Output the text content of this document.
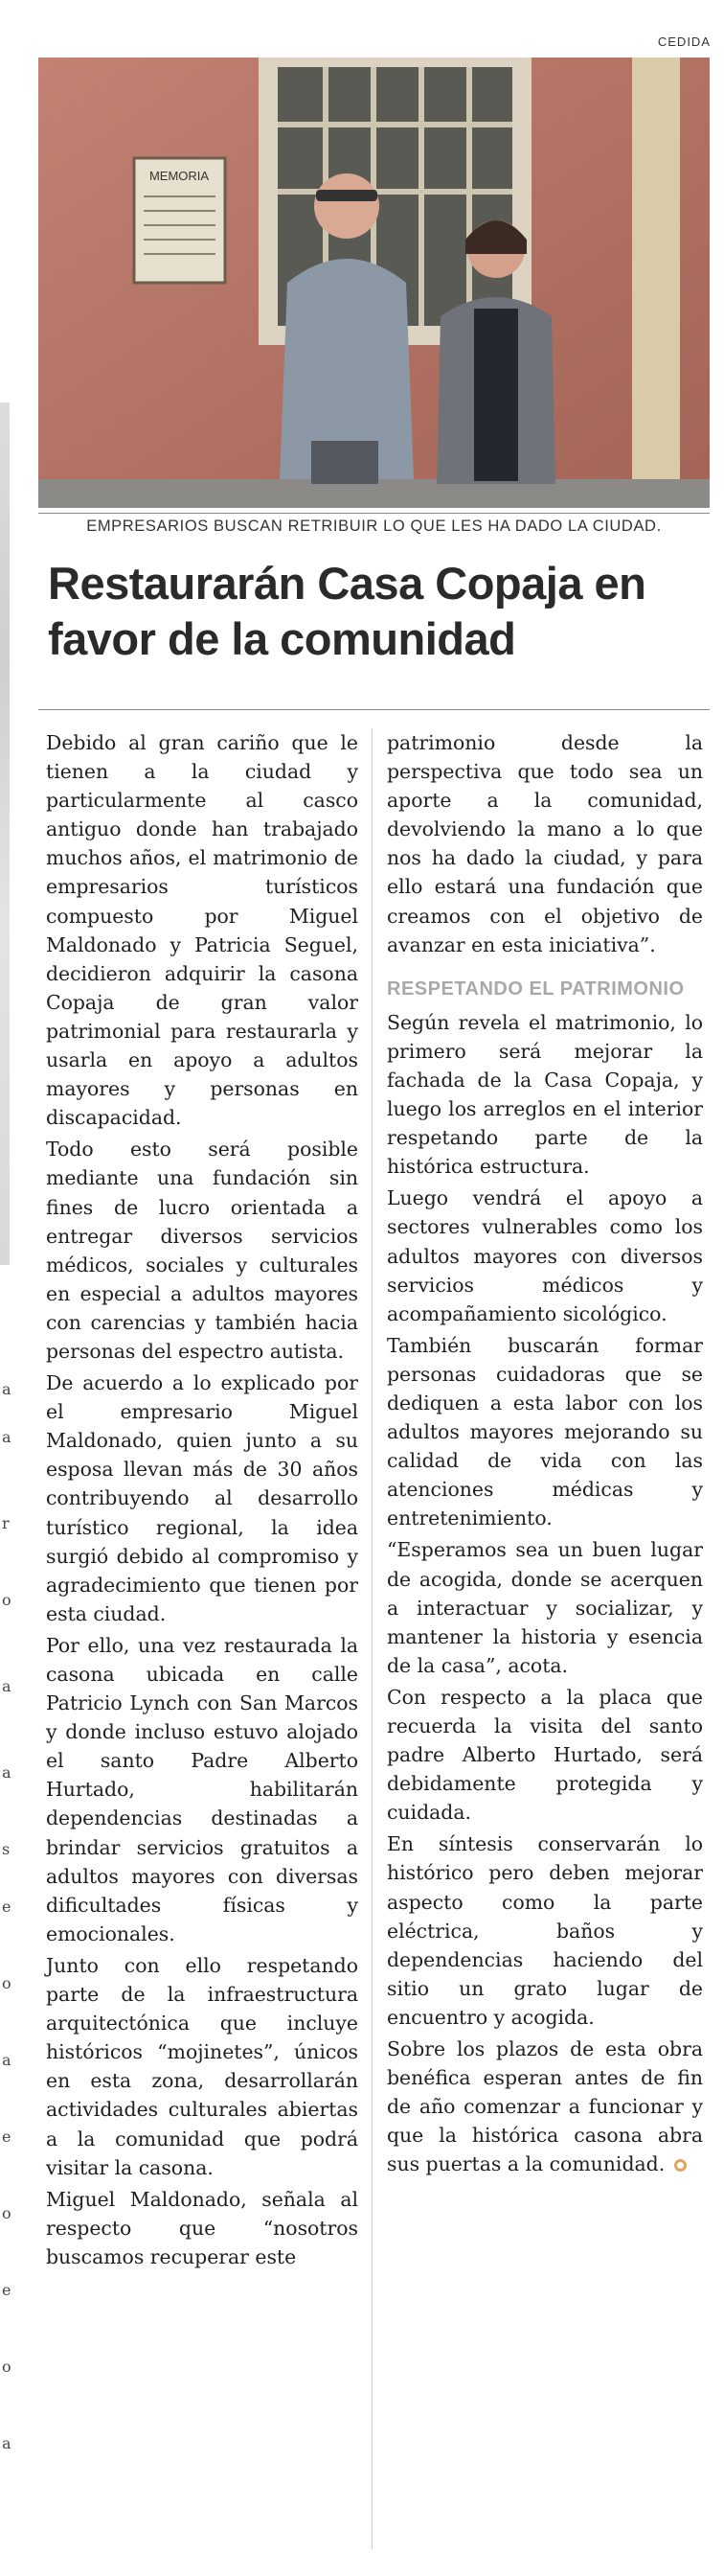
CEDIDA
MEMORIA
EMPRESARIOS BUSCAN RETRIBUIR LO QUE LES HA DADO LA CIUDAD.
Restaurarán Casa Copaja en favor de la comunidad

Debido al gran cariño que le tienen a la ciudad y particularmente al casco antiguo donde han trabajado muchos años, el matrimonio de empresarios turísticos compuesto por Miguel Maldonado y Patricia Seguel, decidieron adquirir la casona Copaja de gran valor patrimonial para restaurarla y usarla en apoyo a adultos mayores y personas en discapacidad.

Todo esto será posible mediante una fundación sin fines de lucro orientada a entregar diversos servicios médicos, sociales y culturales en especial a adultos mayores con carencias y también hacia personas del espectro autista.

De acuerdo a lo explicado por el empresario Miguel Maldonado, quien junto a su esposa llevan más de 30 años contribuyendo al desarrollo turístico regional, la idea surgió debido al compromiso y agradecimiento que tienen por esta ciudad.

Por ello, una vez restaurada la casona ubicada en calle Patricio Lynch con San Marcos y donde incluso estuvo alojado el santo Padre Alberto Hurtado, habilitarán dependencias destinadas a brindar servicios gratuitos a adultos mayores con diversas dificultades físicas y emocionales.

Junto con ello respetando parte de la infraestructura arquitectónica que incluye históricos “mojinetes”, únicos en esta zona, desarrollarán actividades culturales abiertas a la comunidad que podrá visitar la casona.

Miguel Maldonado, señala al respecto que “nosotros buscamos recuperar este

patrimonio desde la perspectiva que todo sea un aporte a la comunidad, devolviendo la mano a lo que nos ha dado la ciudad, y para ello estará una fundación que creamos con el objetivo de avanzar en esta iniciativa”.

RESPETANDO EL PATRIMONIO

Según revela el matrimonio, lo primero será mejorar la fachada de la Casa Copaja, y luego los arreglos en el interior respetando parte de la histórica estructura.

Luego vendrá el apoyo a sectores vulnerables como los adultos mayores con diversos servicios médicos y acompañamiento sicológico.

También buscarán formar personas cuidadoras que se dediquen a esta labor con los adultos mayores mejorando su calidad de vida con las atenciones médicas y entretenimiento.

“Esperamos sea un buen lugar de acogida, donde se acerquen a interactuar y socializar, y mantener la historia y esencia de la casa”, acota.

Con respecto a la placa que recuerda la visita del santo padre Alberto Hurtado, será debidamente protegida y cuidada.

En síntesis conservarán lo histórico pero deben mejorar aspecto como la parte eléctrica, baños y dependencias haciendo del sitio un grato lugar de encuentro y acogida.

Sobre los plazos de esta obra benéfica esperan antes de fin de año comenzar a funcionar y que la histórica casona abra sus puertas a la comunidad.

a
a
r
o
a
a
s
e
o
a
e
o
e
o
a
